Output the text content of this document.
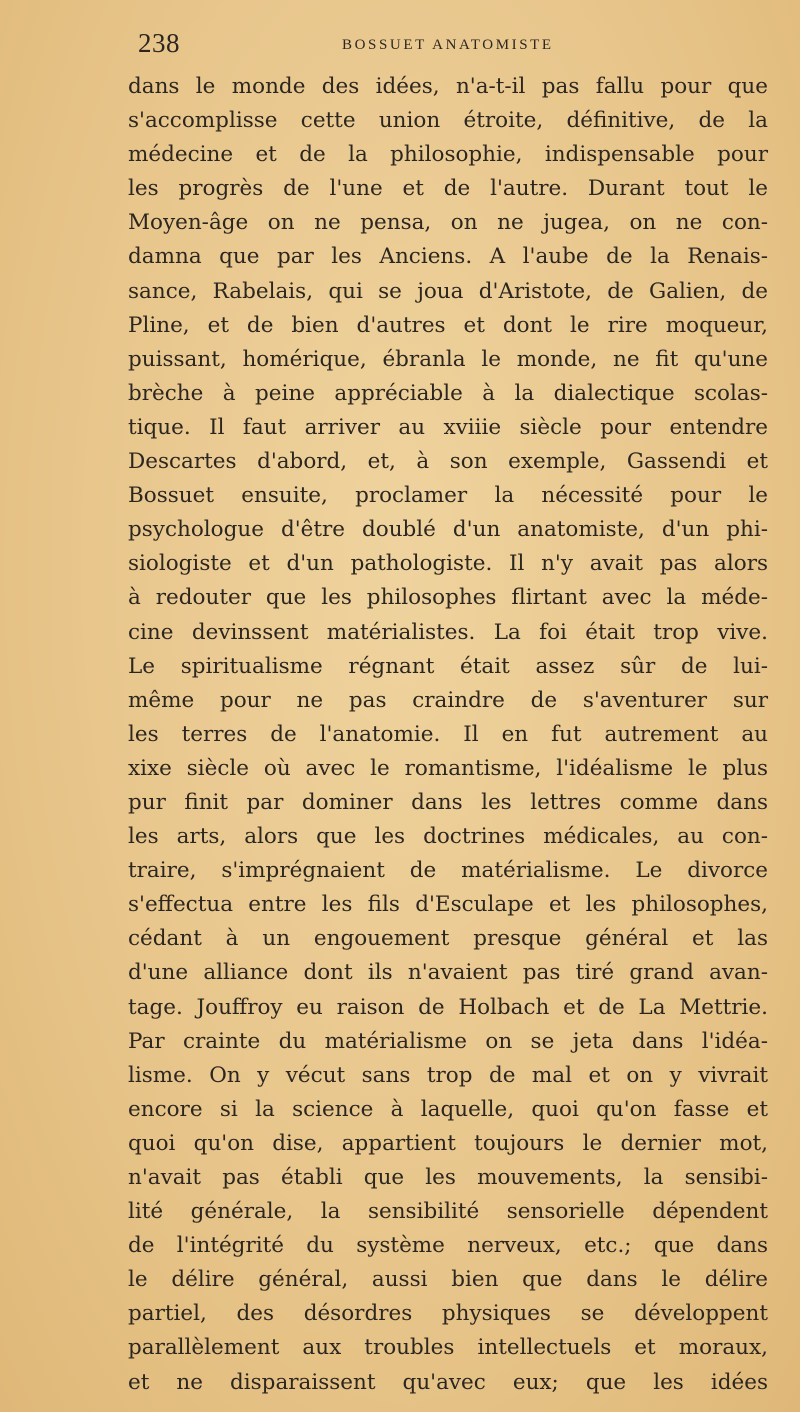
238	BOSSUET ANATOMISTE
dans le monde des idées, n'a-t-il pas fallu pour que
s'accomplisse cette union étroite, définitive, de la
médecine et de la philosophie, indispensable pour
les progrès de l'une et de l'autre. Durant tout le
Moyen-âge on ne pensa, on ne jugea, on ne con-
damna que par les Anciens. A l'aube de la Renais-
sance, Rabelais, qui se joua d'Aristote, de Galien, de
Pline, et de bien d'autres et dont le rire moqueur,
puissant, homérique, ébranla le monde, ne fit qu'une
brèche à peine appréciable à la dialectique scolas-
tique. Il faut arriver au xviiie siècle pour entendre
Descartes d'abord, et, à son exemple, Gassendi et
Bossuet ensuite, proclamer la nécessité pour le
psychologue d'être doublé d'un anatomiste, d'un phi-
siologiste et d'un pathologiste. Il n'y avait pas alors
à redouter que les philosophes flirtant avec la méde-
cine devinssent matérialistes. La foi était trop vive.
Le spiritualisme régnant était assez sûr de lui-
même pour ne pas craindre de s'aventurer sur
les terres de l'anatomie. Il en fut autrement au
xixe siècle où avec le romantisme, l'idéalisme le plus
pur finit par dominer dans les lettres comme dans
les arts, alors que les doctrines médicales, au con-
traire, s'imprégnaient de matérialisme. Le divorce
s'effectua entre les fils d'Esculape et les philosophes,
cédant à un engouement presque général et las
d'une alliance dont ils n'avaient pas tiré grand avan-
tage. Jouffroy eu raison de Holbach et de La Mettrie.
Par crainte du matérialisme on se jeta dans l'idéa-
lisme. On y vécut sans trop de mal et on y vivrait
encore si la science à laquelle, quoi qu'on fasse et
quoi qu'on dise, appartient toujours le dernier mot,
n'avait pas établi que les mouvements, la sensibi-
lité générale, la sensibilité sensorielle dépendent
de l'intégrité du système nerveux, etc.; que dans
le délire général, aussi bien que dans le délire
partiel, des désordres physiques se développent
parallèlement aux troubles intellectuels et moraux,
et ne disparaissent qu'avec eux; que les idées
